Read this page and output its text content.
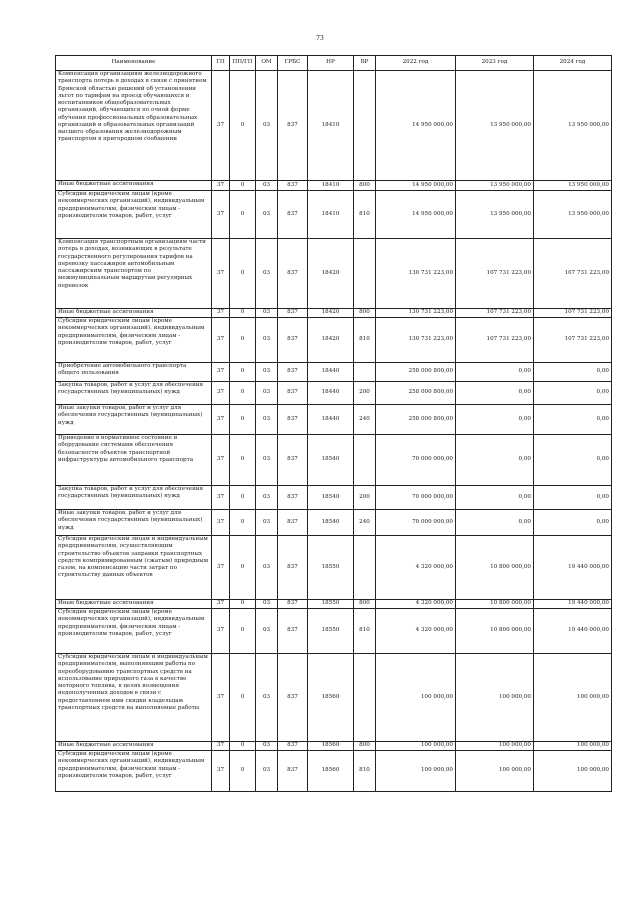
73
Наименование	ГП	ПП/ГП	ОМ	ГРБС	НР	ВР	2022 год	2023 год	2024 год
Компенсация организациям железнодорожного транспорта потерь в доходах в связи с принятием Брянской областью решений об установлении льгот по тарифам на проезд обучающихся и воспитанников общеобразовательных организаций, обучающихся по очной форме обучения профессиональных образовательных организаций и образовательных организаций высшего образования железнодорожным транспортом в пригородном сообщении	37	0	03	837	18410		14 950 000,00	13 950 000,00	13 950 000,00
Иные бюджетные ассигнования	37	0	03	837	18410	800	14 950 000,00	13 950 000,00	13 950 000,00
Субсидии юридическим лицам (кроме некоммерческих организаций), индивидуальным предпринимателям, физическим лицам - производителям товаров, работ, услуг	37	0	03	837	18410	810	14 950 000,00	13 950 000,00	13 950 000,00
Компенсация транспортным организациям части потерь в доходах, возникающих в результате государственного регулирования тарифов на перевозку пассажиров автомобильным пассажирским транспортом по межмуниципальным маршрутам регулярных перевозок	37	0	03	837	18420		130 731 223,00	107 731 223,00	107 731 223,00
Иные бюджетные ассигнования	37	0	03	837	18420	800	130 731 223,00	107 731 223,00	107 731 223,00
Субсидии юридическим лицам (кроме некоммерческих организаций), индивидуальным предпринимателям, физическим лицам - производителям товаров, работ, услуг	37	0	03	837	18420	810	130 731 223,00	107 731 223,00	107 731 223,00
Приобретение автомобильного транспорта общего пользования	37	0	03	837	18440		258 000 800,00	0,00	0,00
Закупка товаров, работ и услуг для обеспечения государственных (муниципальных) нужд	37	0	03	837	18440	200	258 000 800,00	0,00	0,00
Иные закупки товаров, работ и услуг для обеспечения государственных (муниципальных) нужд	37	0	03	837	18440	240	258 000 800,00	0,00	0,00
Приведение в нормативное состояние и оборудование системами обеспечения безопасности объектов транспортной инфраструктуры автомобильного транспорта	37	0	03	837	18540		70 000 000,00	0,00	0,00
Закупка товаров, работ и услуг для обеспечения государственных (муниципальных) нужд	37	0	03	837	18540	200	70 000 000,00	0,00	0,00
Иные закупки товаров, работ и услуг для обеспечения государственных (муниципальных) нужд	37	0	03	837	18540	240	70 000 000,00	0,00	0,00
Субсидии юридическим лицам и индивидуальным предпринимателям, осуществляющим строительство объектов заправки транспортных средств компримированным (сжатым) природным газом, на компенсацию части затрат по строительству данных объектов	37	0	03	837	18550		4 320 000,00	10 800 000,00	19 440 000,00
Иные бюджетные ассигнования	37	0	03	837	18550	800	4 320 000,00	10 800 000,00	19 440 000,00
Субсидии юридическим лицам (кроме некоммерческих организаций), индивидуальным предпринимателям, физическим лицам - производителям товаров, работ, услуг	37	0	03	837	18550	810	4 320 000,00	10 800 000,00	19 440 000,00
Субсидии юридическим лицам и индивидуальным предпринимателям, выполняющим работы по переоборудованию транспортных средств на использование природного газа в качестве моторного топлива, в целях возмещения недополученных доходов в связи с предоставлением ими скидки владельцам транспортных средств на выполняемые работы	37	0	03	837	18560		100 000,00	100 000,00	100 000,00
Иные бюджетные ассигнования	37	0	03	837	18560	800	100 000,00	100 000,00	100 000,00
Субсидии юридическим лицам (кроме некоммерческих организаций), индивидуальным предпринимателям, физическим лицам - производителям товаров, работ, услуг	37	0	03	837	18560	810	100 000,00	100 000,00	100 000,00
